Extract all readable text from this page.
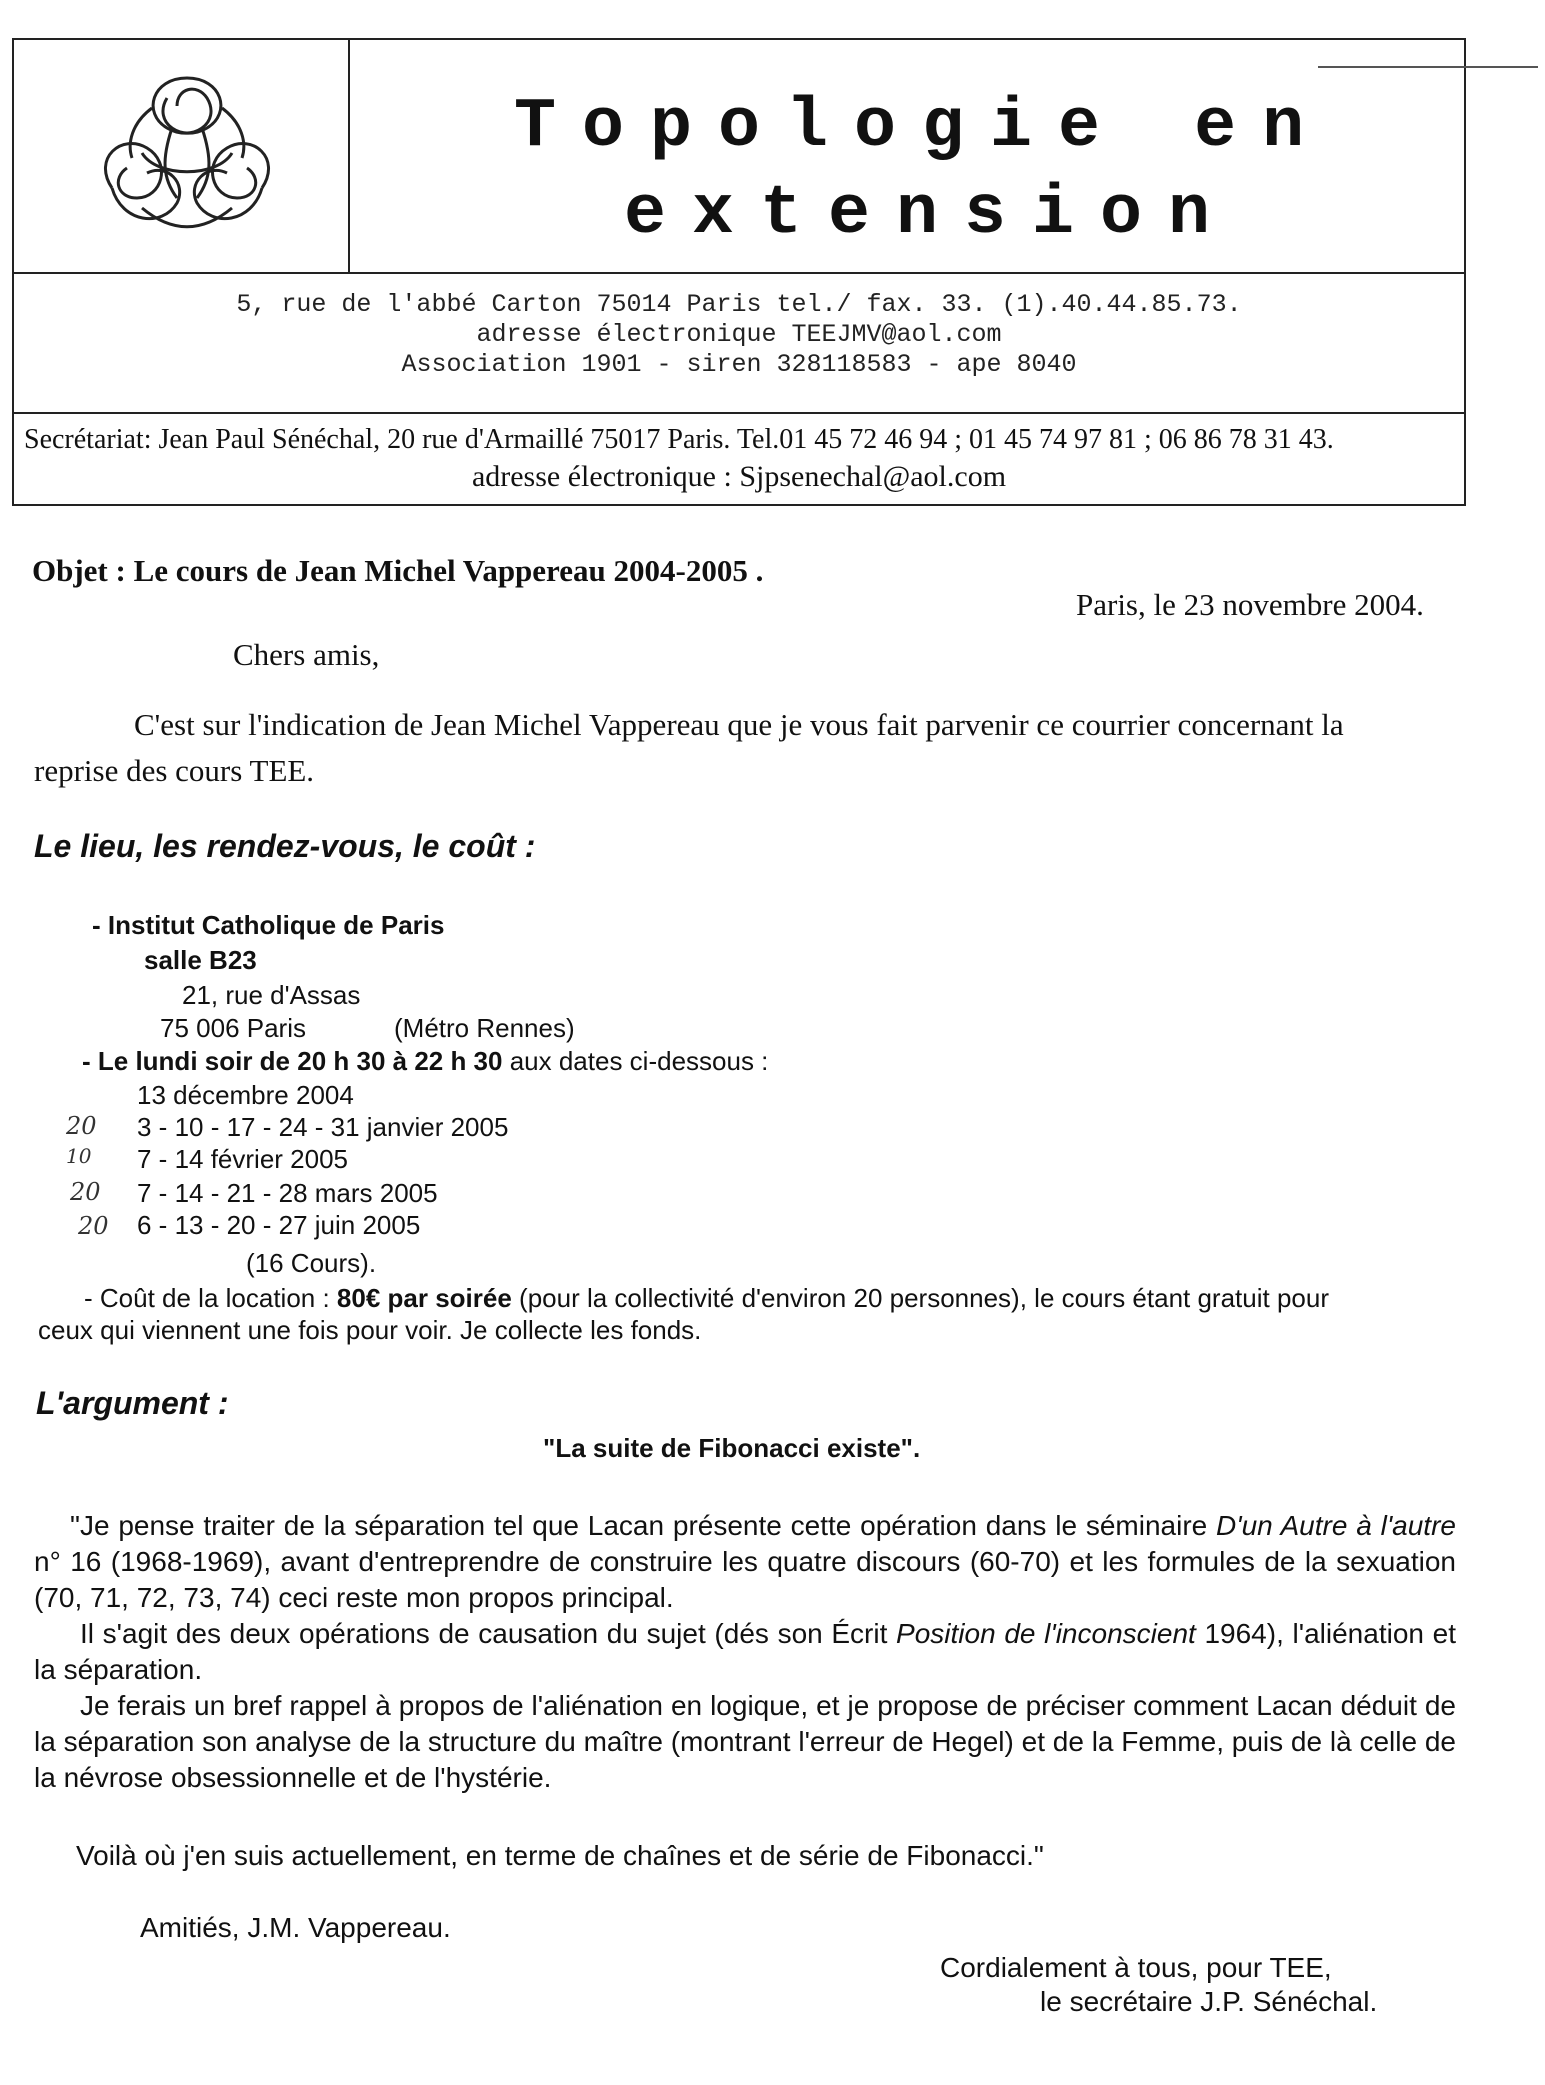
Topologie en
extension
5, rue de l'abbé Carton 75014 Paris tel./ fax. 33. (1).40.44.85.73.
adresse électronique TEEJMV@aol.com
Association 1901 - siren 328118583 - ape 8040
Secrétariat: Jean Paul Sénéchal, 20 rue d'Armaillé 75017 Paris. Tel.01 45 72 46 94 ; 01 45 74 97 81 ; 06 86 78 31 43.
adresse électronique : Sjpsenechal@aol.com
Objet : Le cours de Jean Michel Vappereau 2004-2005 .
Paris, le 23 novembre 2004.
Chers amis,
C'est sur l'indication de Jean Michel Vappereau que je vous fait parvenir ce courrier concernant la
reprise des cours TEE.
Le lieu, les rendez-vous, le coût :
- Institut Catholique de Paris
salle B23
21, rue d'Assas
75 006 Paris	(Métro Rennes)
- Le lundi soir de 20 h 30 à 22 h 30 aux dates ci-dessous :
13 décembre 2004
3 - 10 - 17 - 24 - 31 janvier 2005
7 - 14 février 2005
7 - 14 - 21 - 28 mars 2005
6 - 13 - 20 - 27 juin 2005
20
10
20
20
(16 Cours).
- Coût de la location : 80€ par soirée (pour la collectivité d'environ 20 personnes), le cours étant gratuit pour
ceux qui viennent une fois pour voir. Je collecte les fonds.
L'argument :
"La suite de Fibonacci existe".
"Je pense traiter de la séparation tel que Lacan présente cette opération dans le séminaire D'un Autre à l'autre n° 16 (1968-1969), avant d'entreprendre de construire les quatre discours (60-70) et les formules de la sexuation (70, 71, 72, 73, 74) ceci reste mon propos principal.
Il s'agit des deux opérations de causation du sujet (dés son Écrit Position de l'inconscient 1964), l'aliénation et la séparation.
Je ferais un bref rappel à propos de l'aliénation en logique, et je propose de préciser comment Lacan déduit de la séparation son analyse de la structure du maître (montrant l'erreur de Hegel) et de la Femme, puis de là celle de la névrose obsessionnelle et de l'hystérie.
Voilà où j'en suis actuellement, en terme de chaînes et de série de Fibonacci."
Amitiés, J.M. Vappereau.
Cordialement à tous, pour TEE,
le secrétaire J.P. Sénéchal.
